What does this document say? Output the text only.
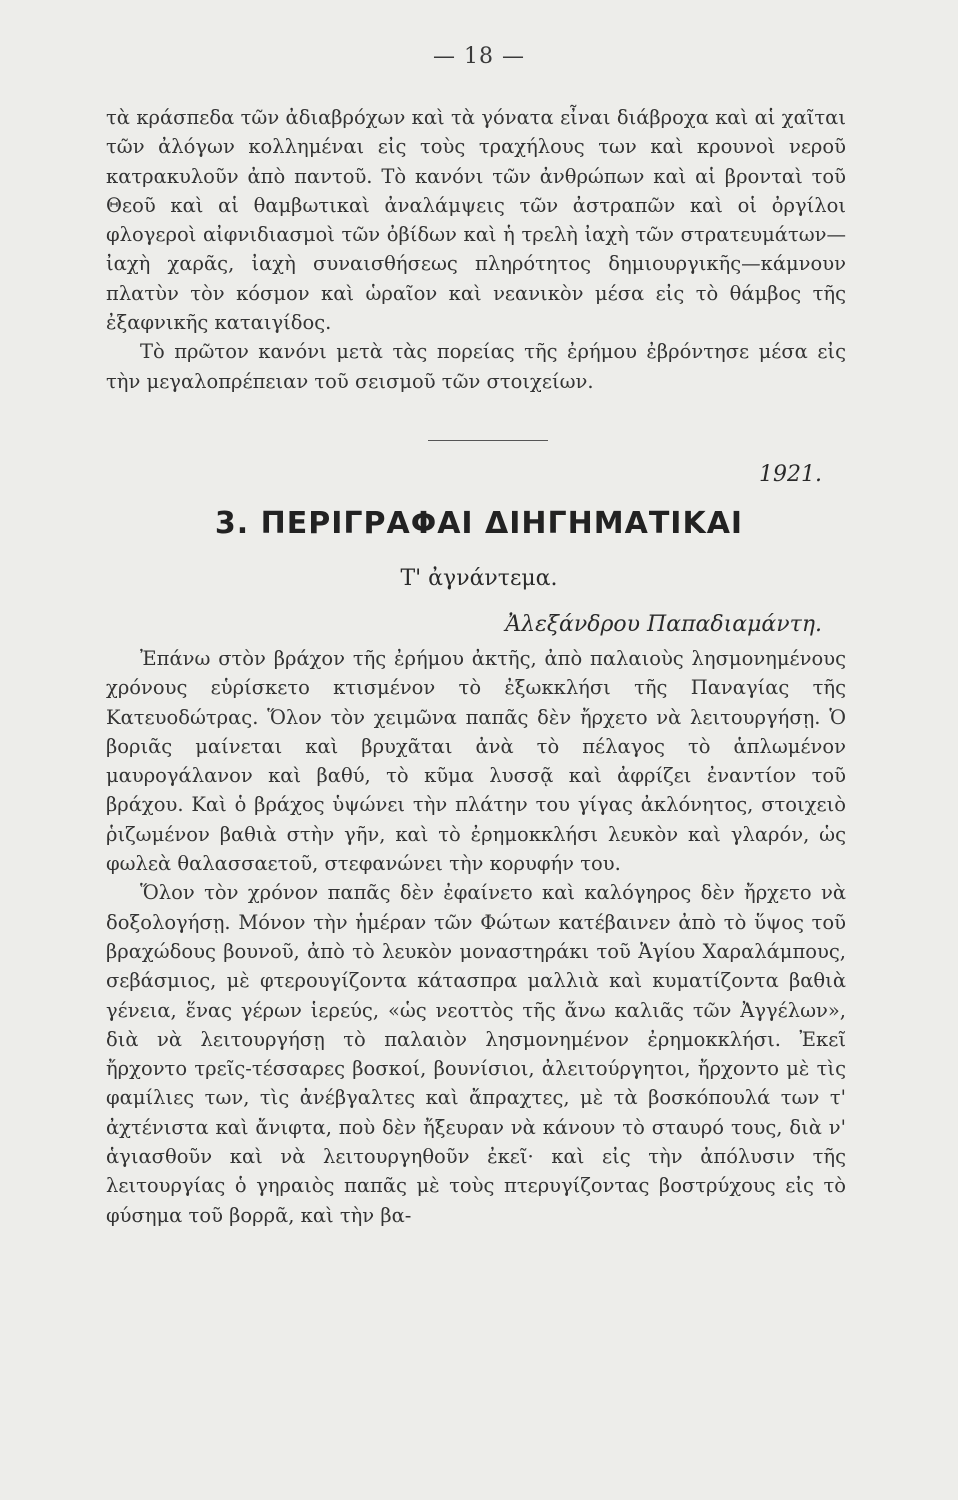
— 18 —

τὰ κράσπεδα τῶν ἀδιαβρόχων καὶ τὰ γόνατα εἶναι διάβροχα καὶ αἱ χαῖται τῶν ἀλόγων κολλημέναι εἰς τοὺς τραχήλους των καὶ κρουνοὶ νεροῦ κατρακυλοῦν ἀπὸ παντοῦ. Τὸ κανόνι τῶν ἀνθρώπων καὶ αἱ βρονταὶ τοῦ Θεοῦ καὶ αἱ θαμβωτικαὶ ἀναλάμψεις τῶν ἀστραπῶν καὶ οἱ ὀργίλοι φλογεροὶ αἰφνιδιασμοὶ τῶν ὀβίδων καὶ ἡ τρελὴ ἰαχὴ τῶν στρατευμάτων—ἰαχὴ χαρᾶς, ἰαχὴ συναισθήσεως πληρότητος δημιουργικῆς—κάμνουν πλατὺν τὸν κόσμον καὶ ὡραῖον καὶ νεανικὸν μέσα εἰς τὸ θάμβος τῆς ἐξαφνικῆς καταιγίδος.

Τὸ πρῶτον κανόνι μετὰ τὰς πορείας τῆς ἐρήμου ἐβρόντησε μέσα εἰς τὴν μεγαλοπρέπειαν τοῦ σεισμοῦ τῶν στοιχείων.

1921.
3. ΠΕΡΙΓΡΑΦΑΙ ΔΙΗΓΗΜΑΤΙΚΑΙ
Τ' ἀγνάντεμα.
Ἀλεξάνδρου Παπαδιαμάντη.

Ἐπάνω στὸν βράχον τῆς ἐρήμου ἀκτῆς, ἀπὸ παλαιοὺς λησμονημένους χρόνους εὑρίσκετο κτισμένον τὸ ἐξωκκλήσι τῆς Παναγίας τῆς Κατευοδώτρας. Ὅλον τὸν χειμῶνα παπᾶς δὲν ἤρχετο νὰ λειτουργήσῃ. Ὁ βοριᾶς μαίνεται καὶ βρυχᾶται ἀνὰ τὸ πέλαγος τὸ ἁπλωμένον μαυρογάλανον καὶ βαθύ, τὸ κῦμα λυσσᾷ καὶ ἀφρίζει ἐναντίον τοῦ βράχου. Καὶ ὁ βράχος ὑψώνει τὴν πλάτην του γίγας ἀκλόνητος, στοιχειὸ ῥιζωμένον βαθιὰ στὴν γῆν, καὶ τὸ ἐρημοκκλήσι λευκὸν καὶ γλαρόν, ὡς φωλεὰ θαλασσαετοῦ, στεφανώνει τὴν κορυφήν του.

Ὅλον τὸν χρόνον παπᾶς δὲν ἐφαίνετο καὶ καλόγηρος δὲν ἤρχετο νὰ δοξολογήσῃ. Μόνον τὴν ἡμέραν τῶν Φώτων κατέβαινεν ἀπὸ τὸ ὕψος τοῦ βραχώδους βουνοῦ, ἀπὸ τὸ λευκὸν μοναστηράκι τοῦ Ἁγίου Χαραλάμπους, σεβάσμιος, μὲ φτερουγίζοντα κάτασπρα μαλλιὰ καὶ κυματίζοντα βαθιὰ γένεια, ἕνας γέρων ἱερεύς, «ὡς νεοττὸς τῆς ἄνω καλιᾶς τῶν Ἀγγέλων», διὰ νὰ λειτουργήσῃ τὸ παλαιὸν λησμονημένον ἐρημοκκλήσι. Ἐκεῖ ἤρχοντο τρεῖς-τέσσαρες βοσκοί, βουνίσιοι, ἀλειτούργητοι, ἤρχοντο μὲ τὶς φαμίλιες των, τὶς ἀνέβγαλτες καὶ ἄπραχτες, μὲ τὰ βοσκόπουλά των τ' ἀχτένιστα καὶ ἄνιφτα, ποὺ δὲν ἤξευραν νὰ κάνουν τὸ σταυρό τους, διὰ ν' ἁγιασθοῦν καὶ νὰ λειτουργηθοῦν ἐκεῖ· καὶ εἰς τὴν ἀπόλυσιν τῆς λειτουργίας ὁ γηραιὸς παπᾶς μὲ τοὺς πτερυγίζοντας βοστρύχους εἰς τὸ φύσημα τοῦ βορρᾶ, καὶ τὴν βα-
